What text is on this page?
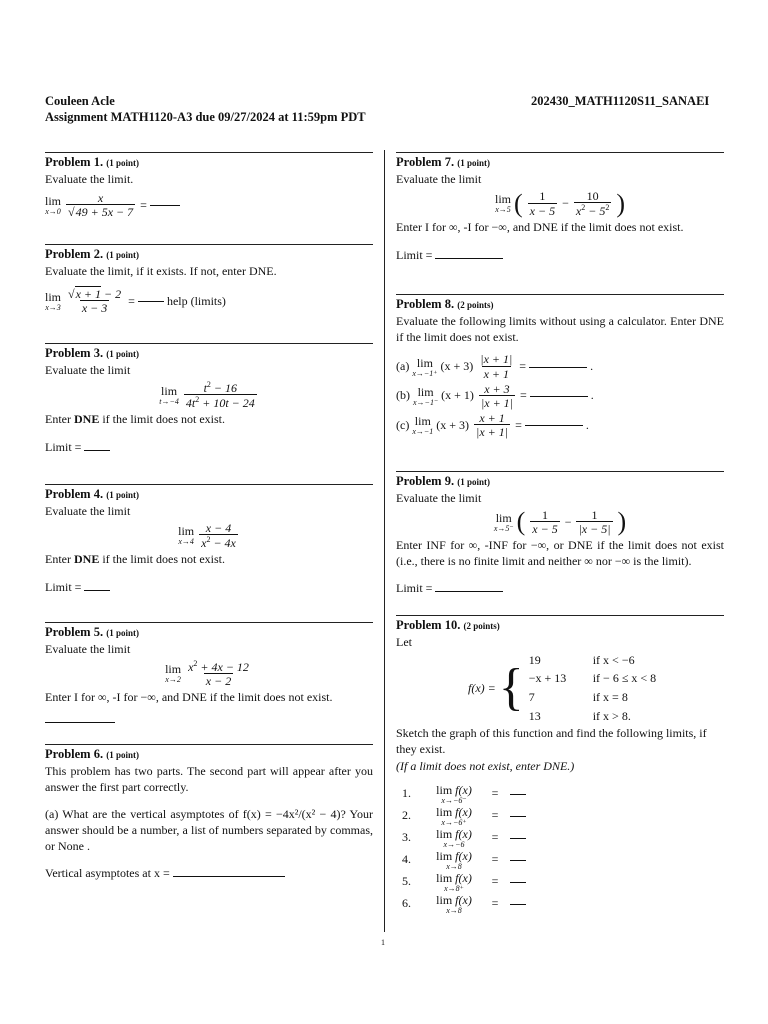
Couleen Acle	202430_MATH1120S11_SANAEI
Assignment MATH1120-A3 due 09/27/2024 at 11:59pm PDT
Problem 1. (1 point)
Evaluate the limit.
lim
$x\to 0 \frac{x}{√49 + 5x - 7}$ =
Problem 2. (1 point)
Evaluate the limit, if it exists. If not, enter DNE.
lim
$x\to 3 \frac{√x + 1 - 2}{x - 3}$ =	help (limits)
Problem 3. (1 point)
Evaluate the limit
lim
$t\to-4 \frac{t^2 - 16}{4t^2 + 10t - 24}$
Enter DNE if the limit does not exist.
Limit =
Problem 4. (1 point)
Evaluate the limit
lim
$x\to 4 \frac{x - 4}{x^2 - 4x}$
Enter DNE if the limit does not exist.
Limit =
Problem 5. (1 point)
Evaluate the limit
lim
$x\to 2 \frac{x^2 + 4x - 12}{x - 2}$
Enter I for ∞, -I for −∞, and DNE if the limit does not exist.
Problem 6. (1 point)
This problem has two parts. The second part will appear after you answer the first part correctly.
(a) What are the vertical asymptotes of f(x) = −4x²/(x² − 4)? Your answer should be a number, a list of numbers separated by commas, or None .
Vertical asymptotes at x =
Problem 7. (1 point)
Evaluate the limit
lim
x→5 ( $\frac{1}{x - 5} - \frac{10}{x^2 - 5^2}$ )
Enter I for ∞, -I for −∞, and DNE if the limit does not exist.
Limit =
Problem 8. (2 points)
Evaluate the following limits without using a calculator. Enter DNE if the limit does not exist.
(a) lim
x→−1⁺ $(x + 3) \frac{|x + 1|}{x + 1}$ =	.
(b) lim
x→−1⁻ $(x + 1) \frac{x + 3}{|x + 1|}$ =	.
(c) lim
x→−1 $(x + 3) \frac{x + 1}{|x + 1|}$ =	.
Problem 9. (1 point)
Evaluate the limit
lim
x→5⁻ ( $\frac{1}{x - 5} - \frac{1}{|x - 5|}$ )
Enter INF for ∞, -INF for −∞, or DNE if the limit does not exist (i.e., there is no finite limit and neither ∞ nor −∞ is the limit).
Limit =
Problem 10. (2 points)
Let
f(x) = { 19	if x < −6
−x + 13	if − 6 ≤ x < 8
7	if x = 8
13	if x > 8.
Sketch the graph of this function and find the following limits, if they exist.
(If a limit does not exist, enter DNE.)
1.	lim f(x)
x→−6⁻	=
2.	lim f(x)
x→−6⁺	=
3.	lim f(x)
x→−6	=
4.	lim f(x)
x→8	=
5.	lim f(x)
x→8⁺	=
6.	lim f(x)
x→8	=
1
